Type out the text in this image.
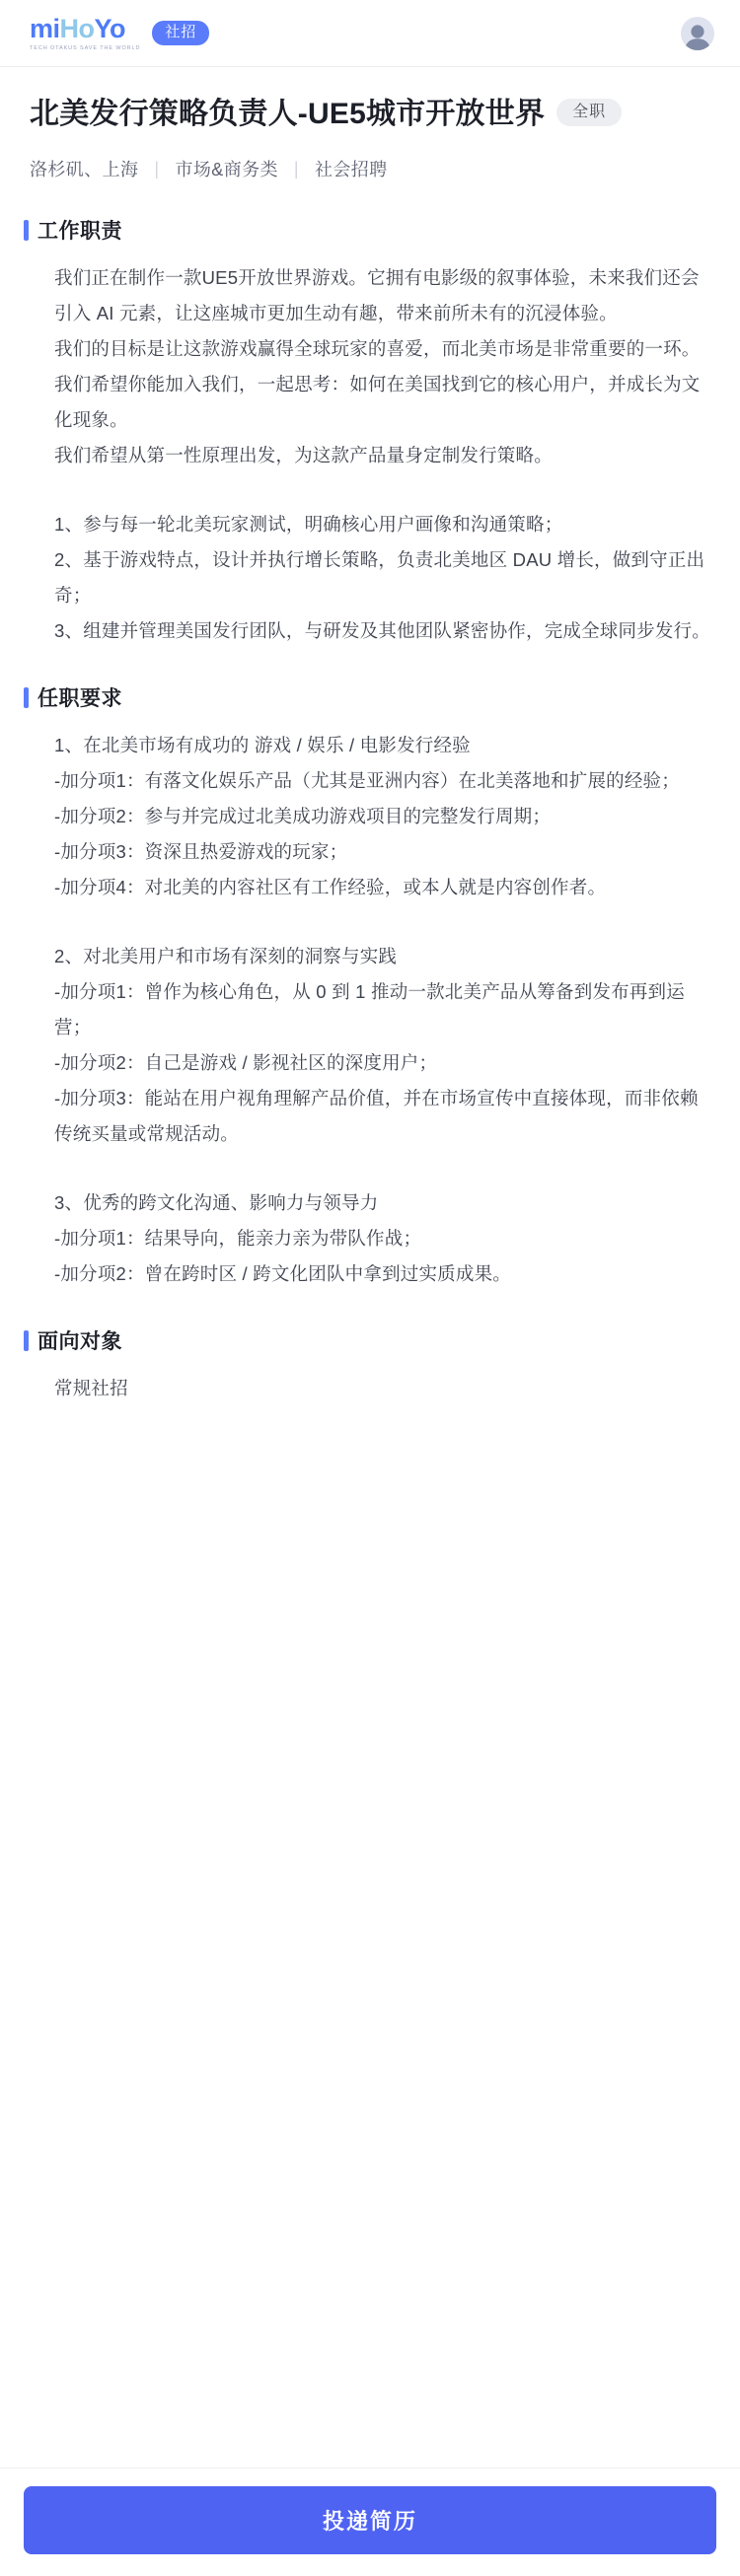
miHoYo
TECH OTAKUS SAVE THE WORLD
社招
北美发行策略负责人-UE5城市开放世界 全职
洛杉矶、上海 | 市场&商务类 | 社会招聘
工作职责

我们正在制作一款UE5开放世界游戏。它拥有电影级的叙事体验，未来我们还会引入 AI 元素，让这座城市更加生动有趣，带来前所未有的沉浸体验。

我们的目标是让这款游戏赢得全球玩家的喜爱，而北美市场是非常重要的一环。

我们希望你能加入我们，一起思考：如何在美国找到它的核心用户，并成长为文化现象。

我们希望从第一性原理出发，为这款产品量身定制发行策略。

1、参与每一轮北美玩家测试，明确核心用户画像和沟通策略；

2、基于游戏特点，设计并执行增长策略，负责北美地区 DAU 增长，做到守正出奇；

3、组建并管理美国发行团队，与研发及其他团队紧密协作，完成全球同步发行。

任职要求

1、在北美市场有成功的 游戏 / 娱乐 / 电影发行经验

-加分项1：有落文化娱乐产品（尤其是亚洲内容）在北美落地和扩展的经验；

-加分项2：参与并完成过北美成功游戏项目的完整发行周期；

-加分项3：资深且热爱游戏的玩家；

-加分项4：对北美的内容社区有工作经验，或本人就是内容创作者。

2、对北美用户和市场有深刻的洞察与实践

-加分项1：曾作为核心角色，从 0 到 1 推动一款北美产品从筹备到发布再到运营；

-加分项2：自己是游戏 / 影视社区的深度用户；

-加分项3：能站在用户视角理解产品价值，并在市场宣传中直接体现，而非依赖传统买量或常规活动。

3、优秀的跨文化沟通、影响力与领导力

-加分项1：结果导向，能亲力亲为带队作战；

-加分项2：曾在跨时区 / 跨文化团队中拿到过实质成果。

面向对象

常规社招

投递简历
